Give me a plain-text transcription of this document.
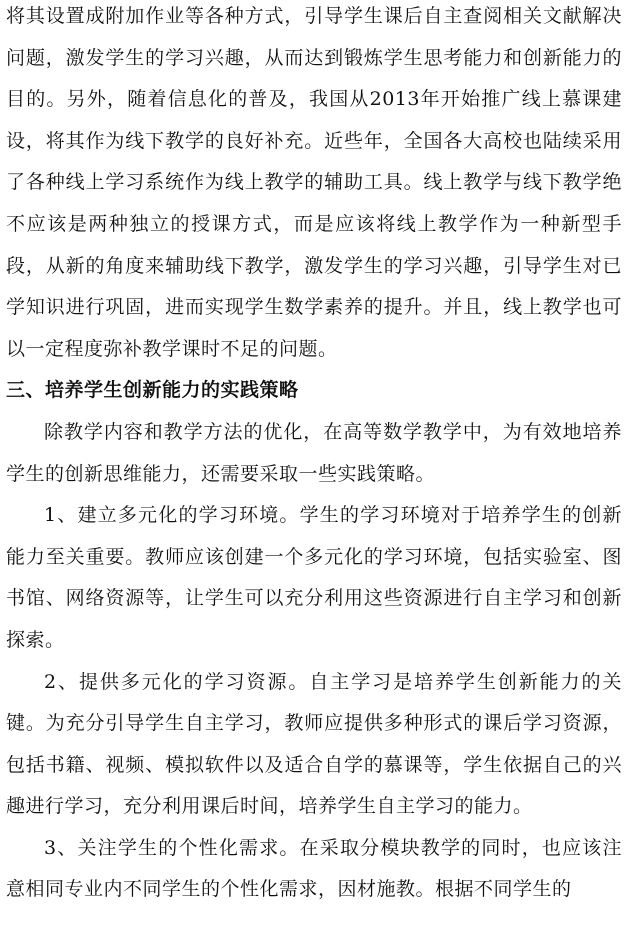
将其设置成附加作业等各种方式，引导学生课后自主查阅相关文献解决问题，激发学生的学习兴趣，从而达到锻炼学生思考能力和创新能力的目的。另外，随着信息化的普及，我国从2013年开始推广线上慕课建设，将其作为线下教学的良好补充。近些年，全国各大高校也陆续采用了各种线上学习系统作为线上教学的辅助工具。线上教学与线下教学绝不应该是两种独立的授课方式，而是应该将线上教学作为一种新型手段，从新的角度来辅助线下教学，激发学生的学习兴趣，引导学生对已学知识进行巩固，进而实现学生数学素养的提升。并且，线上教学也可以一定程度弥补教学课时不足的问题。

三、培养学生创新能力的实践策略

除教学内容和教学方法的优化，在高等数学教学中，为有效地培养学生的创新思维能力，还需要采取一些实践策略。

1、建立多元化的学习环境。学生的学习环境对于培养学生的创新能力至关重要。教师应该创建一个多元化的学习环境，包括实验室、图书馆、网络资源等，让学生可以充分利用这些资源进行自主学习和创新探索。

2、提供多元化的学习资源。自主学习是培养学生创新能力的关键。为充分引导学生自主学习，教师应提供多种形式的课后学习资源，包括书籍、视频、模拟软件以及适合自学的慕课等，学生依据自己的兴趣进行学习，充分利用课后时间，培养学生自主学习的能力。

3、关注学生的个性化需求。在采取分模块教学的同时，也应该注意相同专业内不同学生的个性化需求，因材施教。根据不同学生的
